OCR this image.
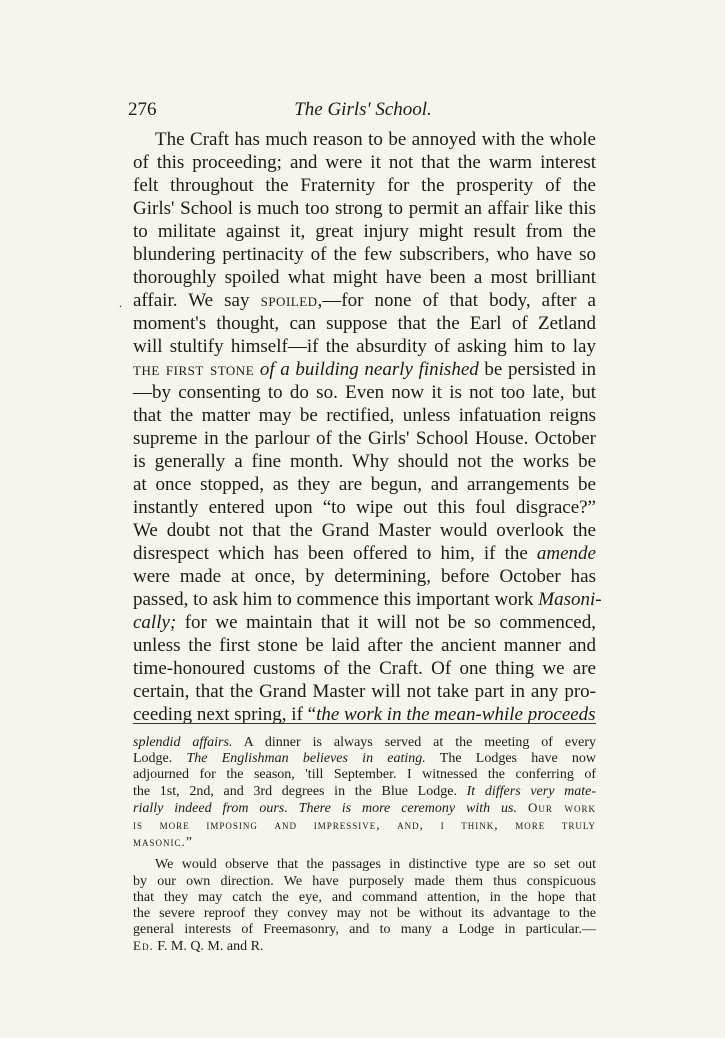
276	The Girls' School.
.
The Craft has much reason to be annoyed with the whole
of this proceeding; and were it not that the warm interest
felt throughout the Fraternity for the prosperity of the
Girls' School is much too strong to permit an affair like this
to militate against it, great injury might result from the
blundering pertinacity of the few subscribers, who have so
thoroughly spoiled what might have been a most brilliant
affair. We say spoiled,—for none of that body, after a
moment's thought, can suppose that the Earl of Zetland
will stultify himself—if the absurdity of asking him to lay
the first stone of a building nearly finished be persisted in
—by consenting to do so. Even now it is not too late, but
that the matter may be rectified, unless infatuation reigns
supreme in the parlour of the Girls' School House. October
is generally a fine month. Why should not the works be
at once stopped, as they are begun, and arrangements be
instantly entered upon “to wipe out this foul disgrace?”
We doubt not that the Grand Master would overlook the
disrespect which has been offered to him, if the amende
were made at once, by determining, before October has
passed, to ask him to commence this important work Masoni-
cally; for we maintain that it will not be so commenced,
unless the first stone be laid after the ancient manner and
time-honoured customs of the Craft. Of one thing we are
certain, that the Grand Master will not take part in any pro-
ceeding next spring, if “the work in the mean-while proceeds
splendid affairs. A dinner is always served at the meeting of every
Lodge. The Englishman believes in eating. The Lodges have now
adjourned for the season, 'till September. I witnessed the conferring of
the 1st, 2nd, and 3rd degrees in the Blue Lodge. It differs very mate-
rially indeed from ours. There is more ceremony with us. Our work
is more imposing and impressive, and, i think, more truly
masonic.”
We would observe that the passages in distinctive type are so set out
by our own direction. We have purposely made them thus conspicuous
that they may catch the eye, and command attention, in the hope that
the severe reproof they convey may not be without its advantage to the
general interests of Freemasonry, and to many a Lodge in particular.—
Ed. F. M. Q. M. and R.
